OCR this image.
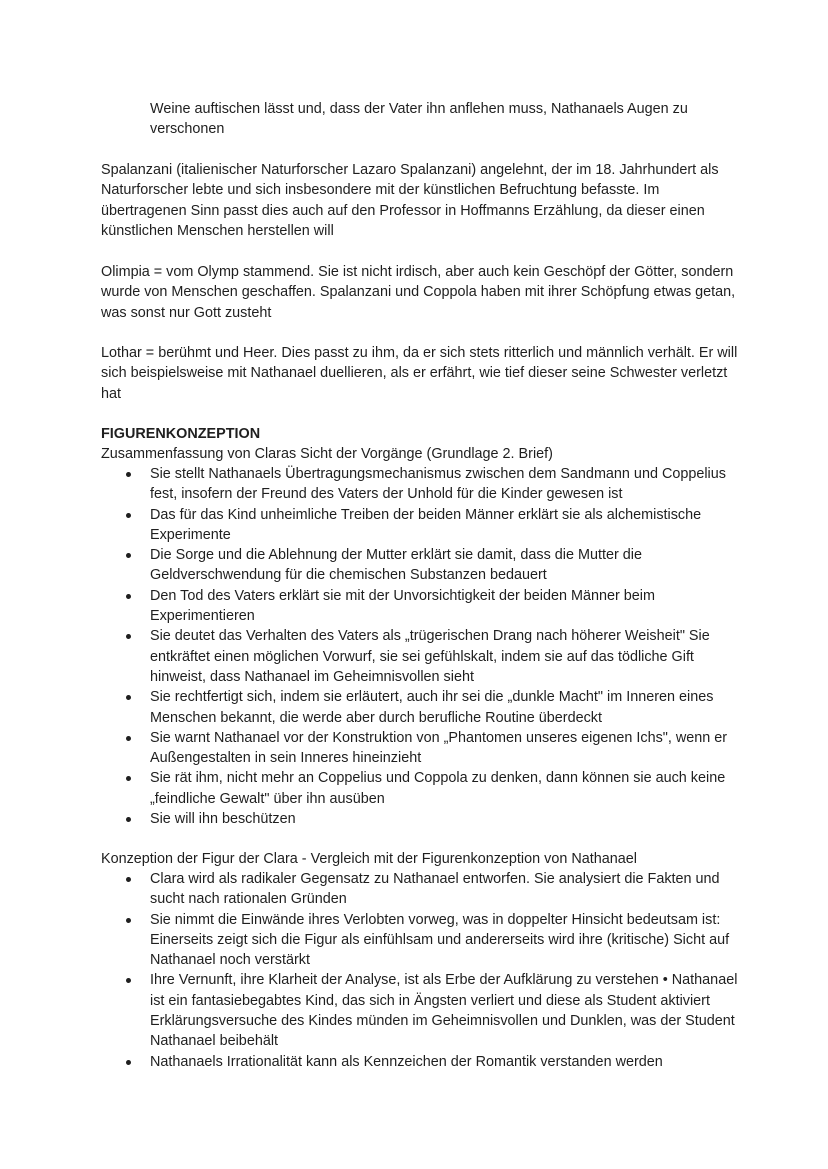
Weine auftischen lässt und, dass der Vater ihn anflehen muss, Nathanaels Augen zu verschonen

Spalanzani (italienischer Naturforscher Lazaro Spalanzani) angelehnt, der im 18. Jahrhundert als Naturforscher lebte und sich insbesondere mit der künstlichen Befruchtung befasste. Im übertragenen Sinn passt dies auch auf den Professor in Hoffmanns Erzählung, da dieser einen künstlichen Menschen herstellen will

Olimpia = vom Olymp stammend. Sie ist nicht irdisch, aber auch kein Geschöpf der Götter, sondern wurde von Menschen geschaffen. Spalanzani und Coppola haben mit ihrer Schöpfung etwas getan, was sonst nur Gott zusteht

Lothar = berühmt und Heer. Dies passt zu ihm, da er sich stets ritterlich und männlich verhält. Er will sich beispielsweise mit Nathanael duellieren, als er erfährt, wie tief dieser seine Schwester verletzt hat

FIGURENKONZEPTION
Zusammenfassung von Claras Sicht der Vorgänge (Grundlage 2. Brief)
Sie stellt Nathanaels Übertragungsmechanismus zwischen dem Sandmann und Coppelius fest, insofern der Freund des Vaters der Unhold für die Kinder gewesen ist
Das für das Kind unheimliche Treiben der beiden Männer erklärt sie als alchemistische Experimente
Die Sorge und die Ablehnung der Mutter erklärt sie damit, dass die Mutter die Geldverschwendung für die chemischen Substanzen bedauert
Den Tod des Vaters erklärt sie mit der Unvorsichtigkeit der beiden Männer beim Experimentieren
Sie deutet das Verhalten des Vaters als „trügerischen Drang nach höherer Weisheit" Sie entkräftet einen möglichen Vorwurf, sie sei gefühlskalt, indem sie auf das tödliche Gift hinweist, dass Nathanael im Geheimnisvollen sieht
Sie rechtfertigt sich, indem sie erläutert, auch ihr sei die „dunkle Macht" im Inneren eines Menschen bekannt, die werde aber durch berufliche Routine überdeckt
Sie warnt Nathanael vor der Konstruktion von „Phantomen unseres eigenen Ichs", wenn er Außengestalten in sein Inneres hineinzieht
Sie rät ihm, nicht mehr an Coppelius und Coppola zu denken, dann können sie auch keine „feindliche Gewalt" über ihn ausüben
Sie will ihn beschützen
Konzeption der Figur der Clara - Vergleich mit der Figurenkonzeption von Nathanael
Clara wird als radikaler Gegensatz zu Nathanael entworfen. Sie analysiert die Fakten und sucht nach rationalen Gründen
Sie nimmt die Einwände ihres Verlobten vorweg, was in doppelter Hinsicht bedeutsam ist: Einerseits zeigt sich die Figur als einfühlsam und andererseits wird ihre (kritische) Sicht auf Nathanael noch verstärkt
Ihre Vernunft, ihre Klarheit der Analyse, ist als Erbe der Aufklärung zu verstehen • Nathanael ist ein fantasiebegabtes Kind, das sich in Ängsten verliert und diese als Student aktiviert Erklärungsversuche des Kindes münden im Geheimnisvollen und Dunklen, was der Student Nathanael beibehält
Nathanaels Irrationalität kann als Kennzeichen der Romantik verstanden werden
